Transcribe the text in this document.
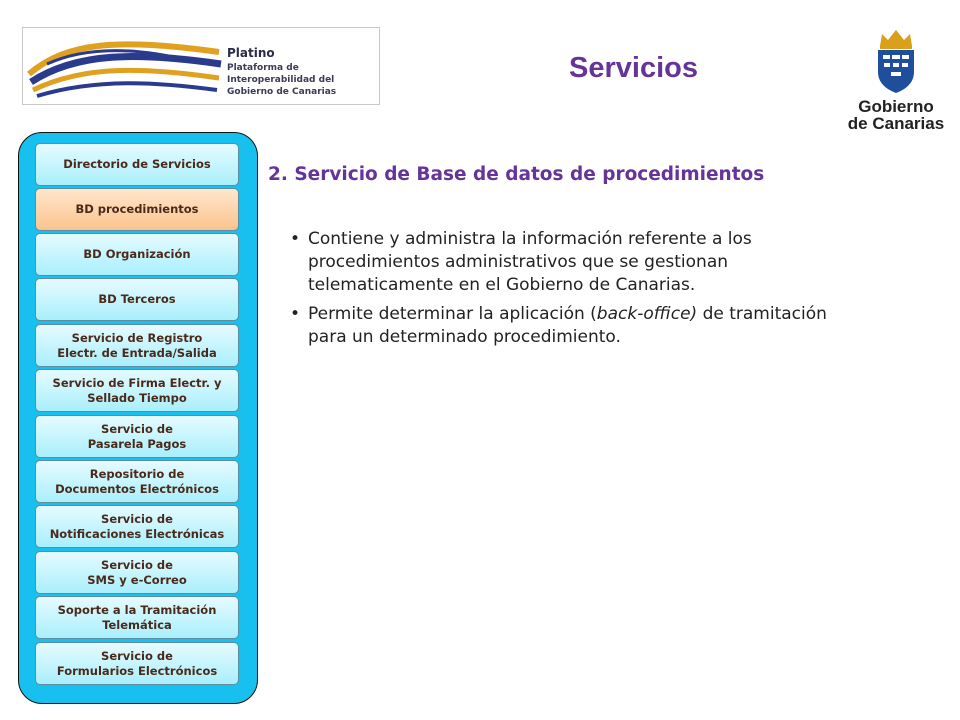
Platino
Plataforma de Interoperabilidad del
Gobierno de Canarias
Servicios
Gobierno
de Canarias
Directorio de Servicios
BD procedimientos
BD Organización
BD Terceros
Servicio de Registro
Electr. de Entrada/Salida
Servicio de Firma Electr. y
Sellado Tiempo
Servicio de
Pasarela Pagos
Repositorio de
Documentos Electrónicos
Servicio de
Notificaciones Electrónicas
Servicio de
SMS y e-Correo
Soporte a la Tramitación
Telemática
Servicio de
Formularios Electrónicos
2. Servicio de Base de datos de procedimientos
• Contiene y administra la información referente a los procedimientos administrativos que se gestionan telematicamente en el Gobierno de Canarias.
• Permite determinar la aplicación (back-office) de tramitación para un determinado procedimiento.
